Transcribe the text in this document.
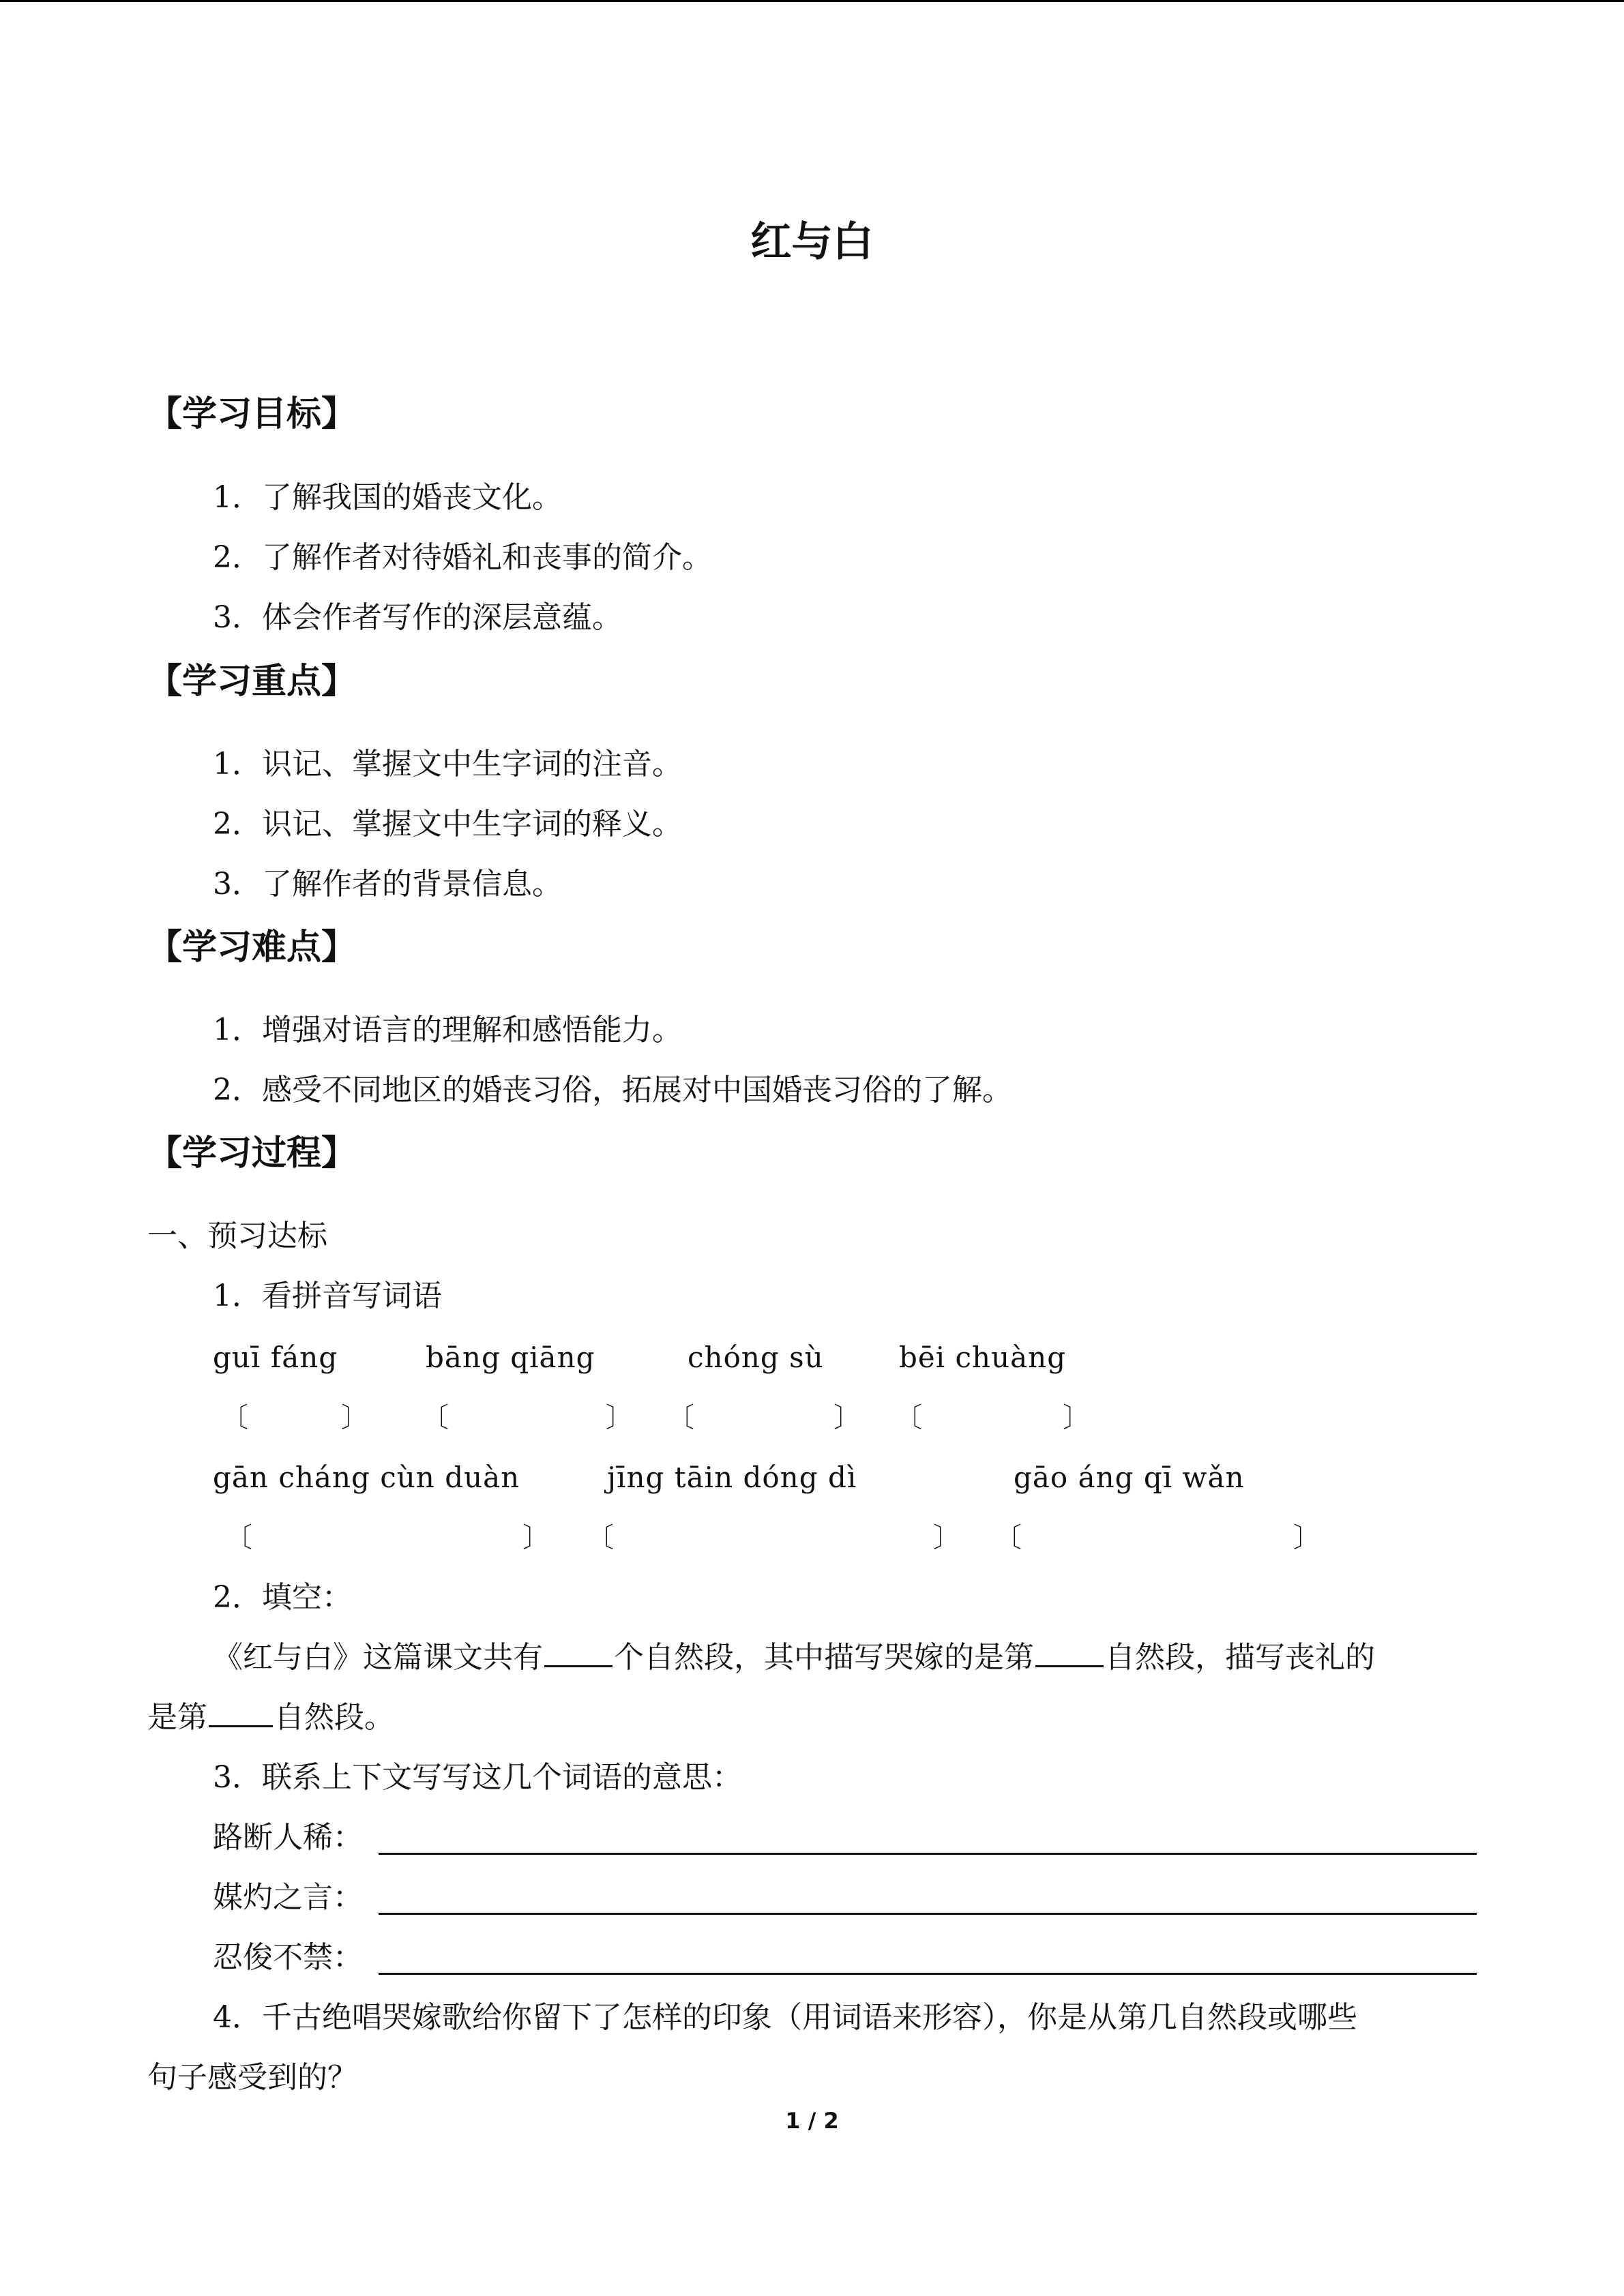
红与白
【学习目标】
1．了解我国的婚丧文化。
2．了解作者对待婚礼和丧事的简介。
3．体会作者写作的深层意蕴。
【学习重点】
1．识记、掌握文中生字词的注音。
2．识记、掌握文中生字词的释义。
3．了解作者的背景信息。
【学习难点】
1．增强对语言的理解和感悟能力。
2．感受不同地区的婚丧习俗，拓展对中国婚丧习俗的了解。
【学习过程】
一、预习达标
1．看拼音写词语
guī fáng	bāng qiāng	chóng sù	bēi chuàng
〔	〕 〔	〕 〔	〕 〔	〕
gān cháng cùn duàn	jīng tāin dóng dì	gāo áng qī wǎn
〔	〕 〔	〕 〔	〕
2．填空：
《红与白》这篇课文共有 个自然段，其中描写哭嫁的是第 自然段，描写丧礼的
是第 自然段。
3．联系上下文写写这几个词语的意思：
路断人稀：
媒灼之言：
忍俊不禁：
4．千古绝唱哭嫁歌给你留下了怎样的印象（用词语来形容），你是从第几自然段或哪些
句子感受到的？
1 / 2
